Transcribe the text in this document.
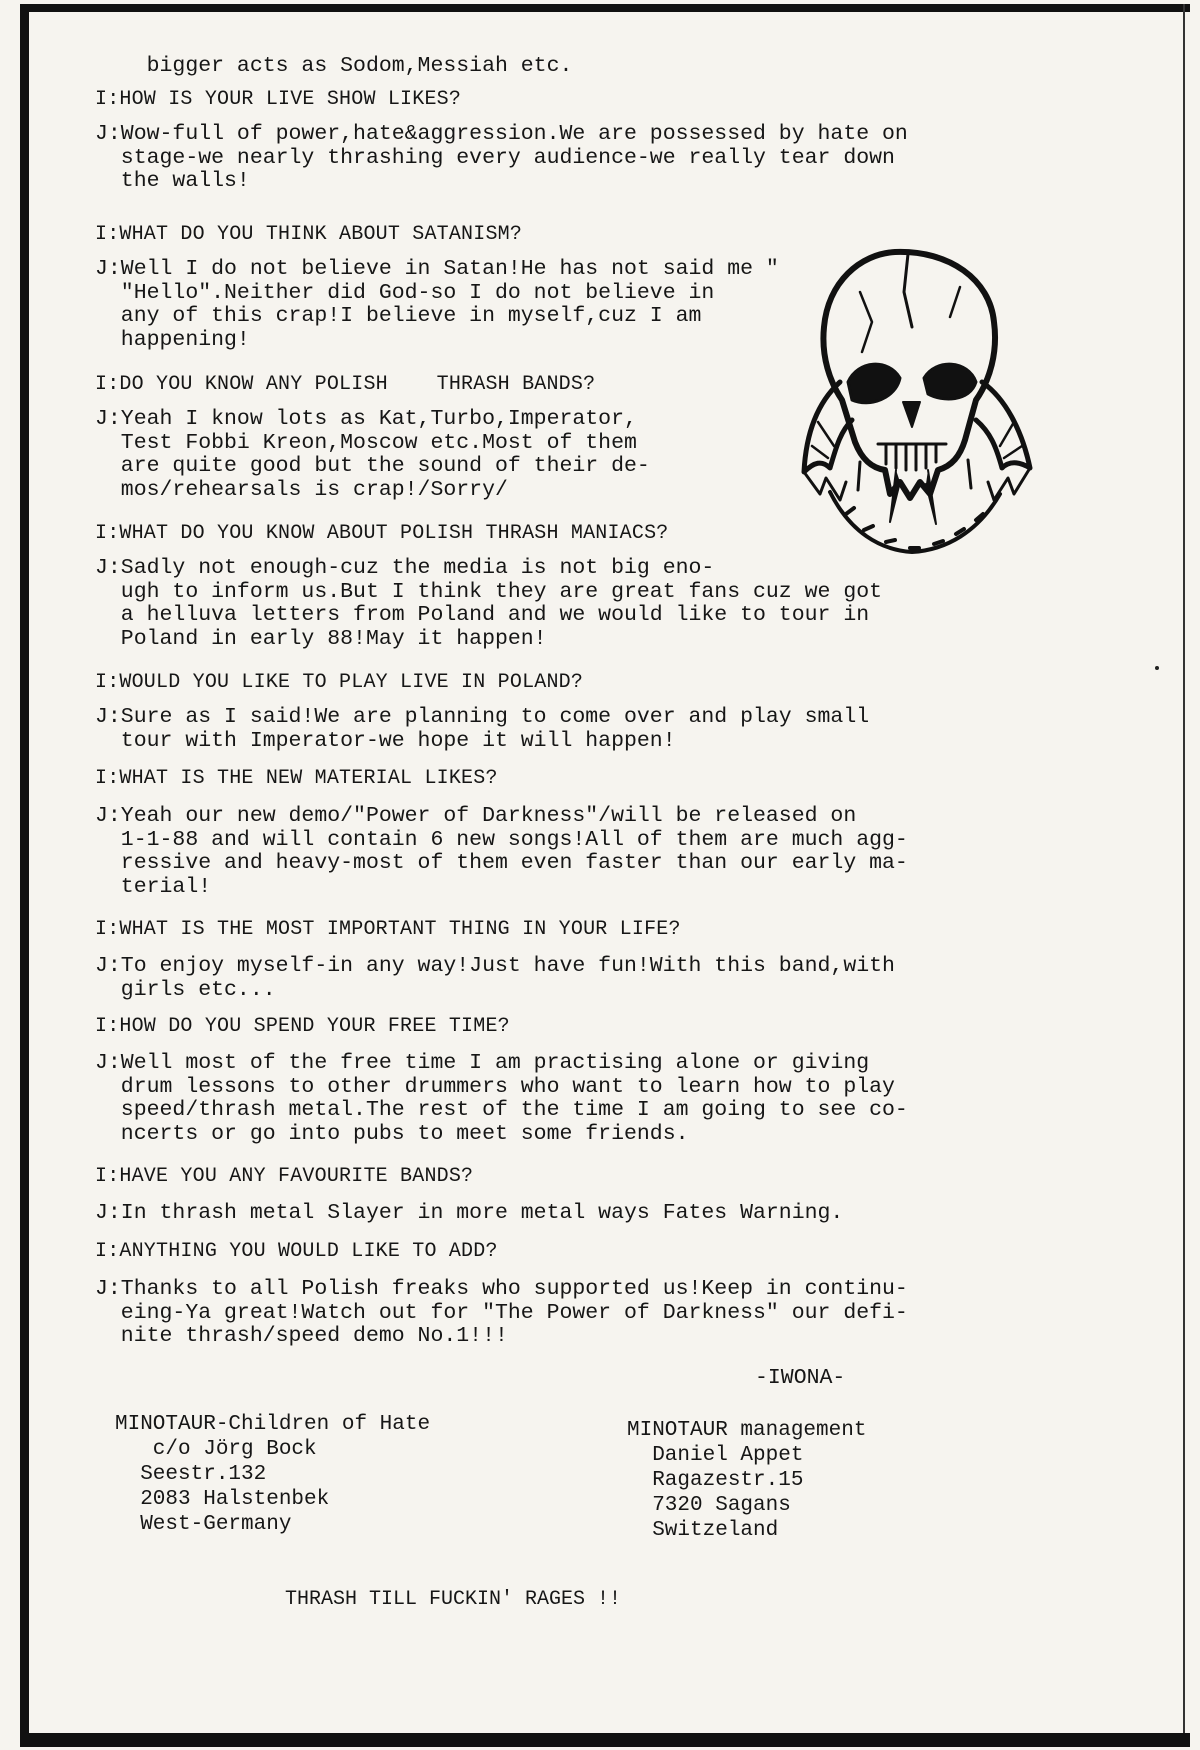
bigger acts as Sodom,Messiah etc.
I:HOW IS YOUR LIVE SHOW LIKES?
J:Wow-full of power,hate&aggression.We are possessed by hate on
stage-we nearly thrashing every audience-we really tear down
the walls!
I:WHAT DO YOU THINK ABOUT SATANISM?
J:Well I do not believe in Satan!He has not said me "
"Hello".Neither did God-so I do not believe in
any of this crap!I believe in myself,cuz I am
happening!
I:DO YOU KNOW ANY POLISH    THRASH BANDS?
J:Yeah I know lots as Kat,Turbo,Imperator,
Test Fobbi Kreon,Moscow etc.Most of them
are quite good but the sound of their de-
mos/rehearsals is crap!/Sorry/
I:WHAT DO YOU KNOW ABOUT POLISH THRASH MANIACS?
J:Sadly not enough-cuz the media is not big eno-
ugh to inform us.But I think they are great fans cuz we got
a helluva letters from Poland and we would like to tour in
Poland in early 88!May it happen!
I:WOULD YOU LIKE TO PLAY LIVE IN POLAND?
J:Sure as I said!We are planning to come over and play small
tour with Imperator-we hope it will happen!
I:WHAT IS THE NEW MATERIAL LIKES?
J:Yeah our new demo/"Power of Darkness"/will be released on
1-1-88 and will contain 6 new songs!All of them are much agg-
ressive and heavy-most of them even faster than our early ma-
terial!
I:WHAT IS THE MOST IMPORTANT THING IN YOUR LIFE?
J:To enjoy myself-in any way!Just have fun!With this band,with
girls etc...
I:HOW DO YOU SPEND YOUR FREE TIME?
J:Well most of the free time I am practising alone or giving
drum lessons to other drummers who want to learn how to play
speed/thrash metal.The rest of the time I am going to see co-
ncerts or go into pubs to meet some friends.
I:HAVE YOU ANY FAVOURITE BANDS?
J:In thrash metal Slayer in more metal ways Fates Warning.
I:ANYTHING YOU WOULD LIKE TO ADD?
J:Thanks to all Polish freaks who supported us!Keep in continu-
eing-Ya great!Watch out for "The Power of Darkness" our defi-
nite thrash/speed demo No.1!!!
-IWONA-
MINOTAUR-Children of Hate
c/o Jörg Bock
Seestr.132
2083 Halstenbek
West-Germany
MINOTAUR management
Daniel Appet
Ragazestr.15
7320 Sagans
Switzeland
THRASH TILL FUCKIN' RAGES !!
